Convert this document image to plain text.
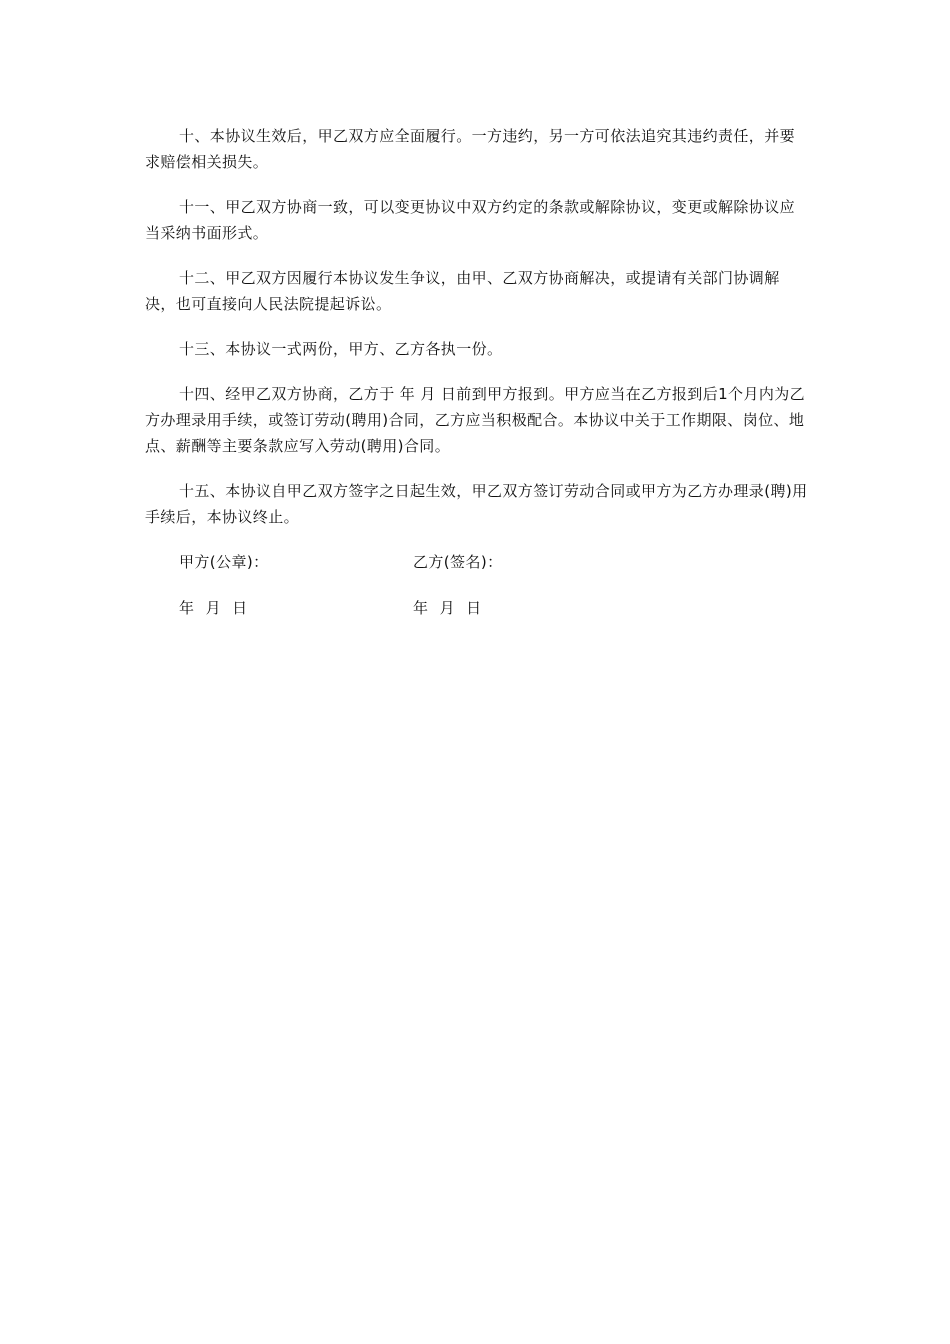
十、本协议生效后，甲乙双方应全面履行。一方违约，另一方可依法追究其违约责任，并要求赔偿相关损失。

十一、甲乙双方协商一致，可以变更协议中双方约定的条款或解除协议，变更或解除协议应当采纳书面形式。

十二、甲乙双方因履行本协议发生争议，由甲、乙双方协商解决，或提请有关部门协调解决，也可直接向人民法院提起诉讼。

十三、本协议一式两份，甲方、乙方各执一份。

十四、经甲乙双方协商，乙方于 年 月 日前到甲方报到。甲方应当在乙方报到后1个月内为乙方办理录用手续，或签订劳动(聘用)合同，乙方应当积极配合。本协议中关于工作期限、岗位、地点、薪酬等主要条款应写入劳动(聘用)合同。

十五、本协议自甲乙双方签字之日起生效，甲乙双方签订劳动合同或甲方为乙方办理录(聘)用手续后，本协议终止。

甲方(公章)：	乙方(签名)：
年 月 日	年 月 日
